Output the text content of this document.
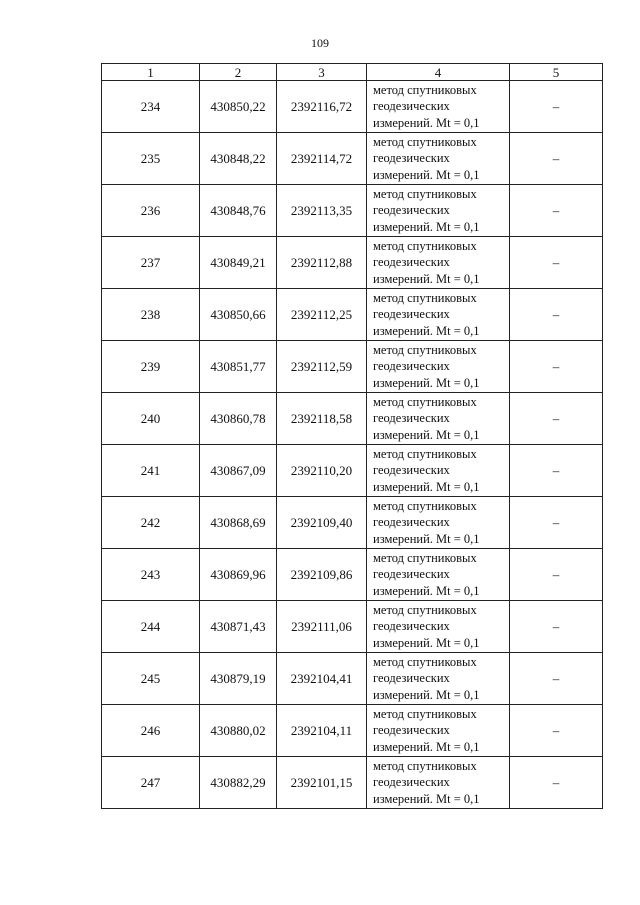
109
1	2	3	4	5
234	430850,22	2392116,72	метод спутниковых
геодезических
измерений. Mt = 0,1	–
235	430848,22	2392114,72	метод спутниковых
геодезических
измерений. Mt = 0,1	–
236	430848,76	2392113,35	метод спутниковых
геодезических
измерений. Mt = 0,1	–
237	430849,21	2392112,88	метод спутниковых
геодезических
измерений. Mt = 0,1	–
238	430850,66	2392112,25	метод спутниковых
геодезических
измерений. Mt = 0,1	–
239	430851,77	2392112,59	метод спутниковых
геодезических
измерений. Mt = 0,1	–
240	430860,78	2392118,58	метод спутниковых
геодезических
измерений. Mt = 0,1	–
241	430867,09	2392110,20	метод спутниковых
геодезических
измерений. Mt = 0,1	–
242	430868,69	2392109,40	метод спутниковых
геодезических
измерений. Mt = 0,1	–
243	430869,96	2392109,86	метод спутниковых
геодезических
измерений. Mt = 0,1	–
244	430871,43	2392111,06	метод спутниковых
геодезических
измерений. Mt = 0,1	–
245	430879,19	2392104,41	метод спутниковых
геодезических
измерений. Mt = 0,1	–
246	430880,02	2392104,11	метод спутниковых
геодезических
измерений. Mt = 0,1	–
247	430882,29	2392101,15	метод спутниковых
геодезических
измерений. Mt = 0,1	–
